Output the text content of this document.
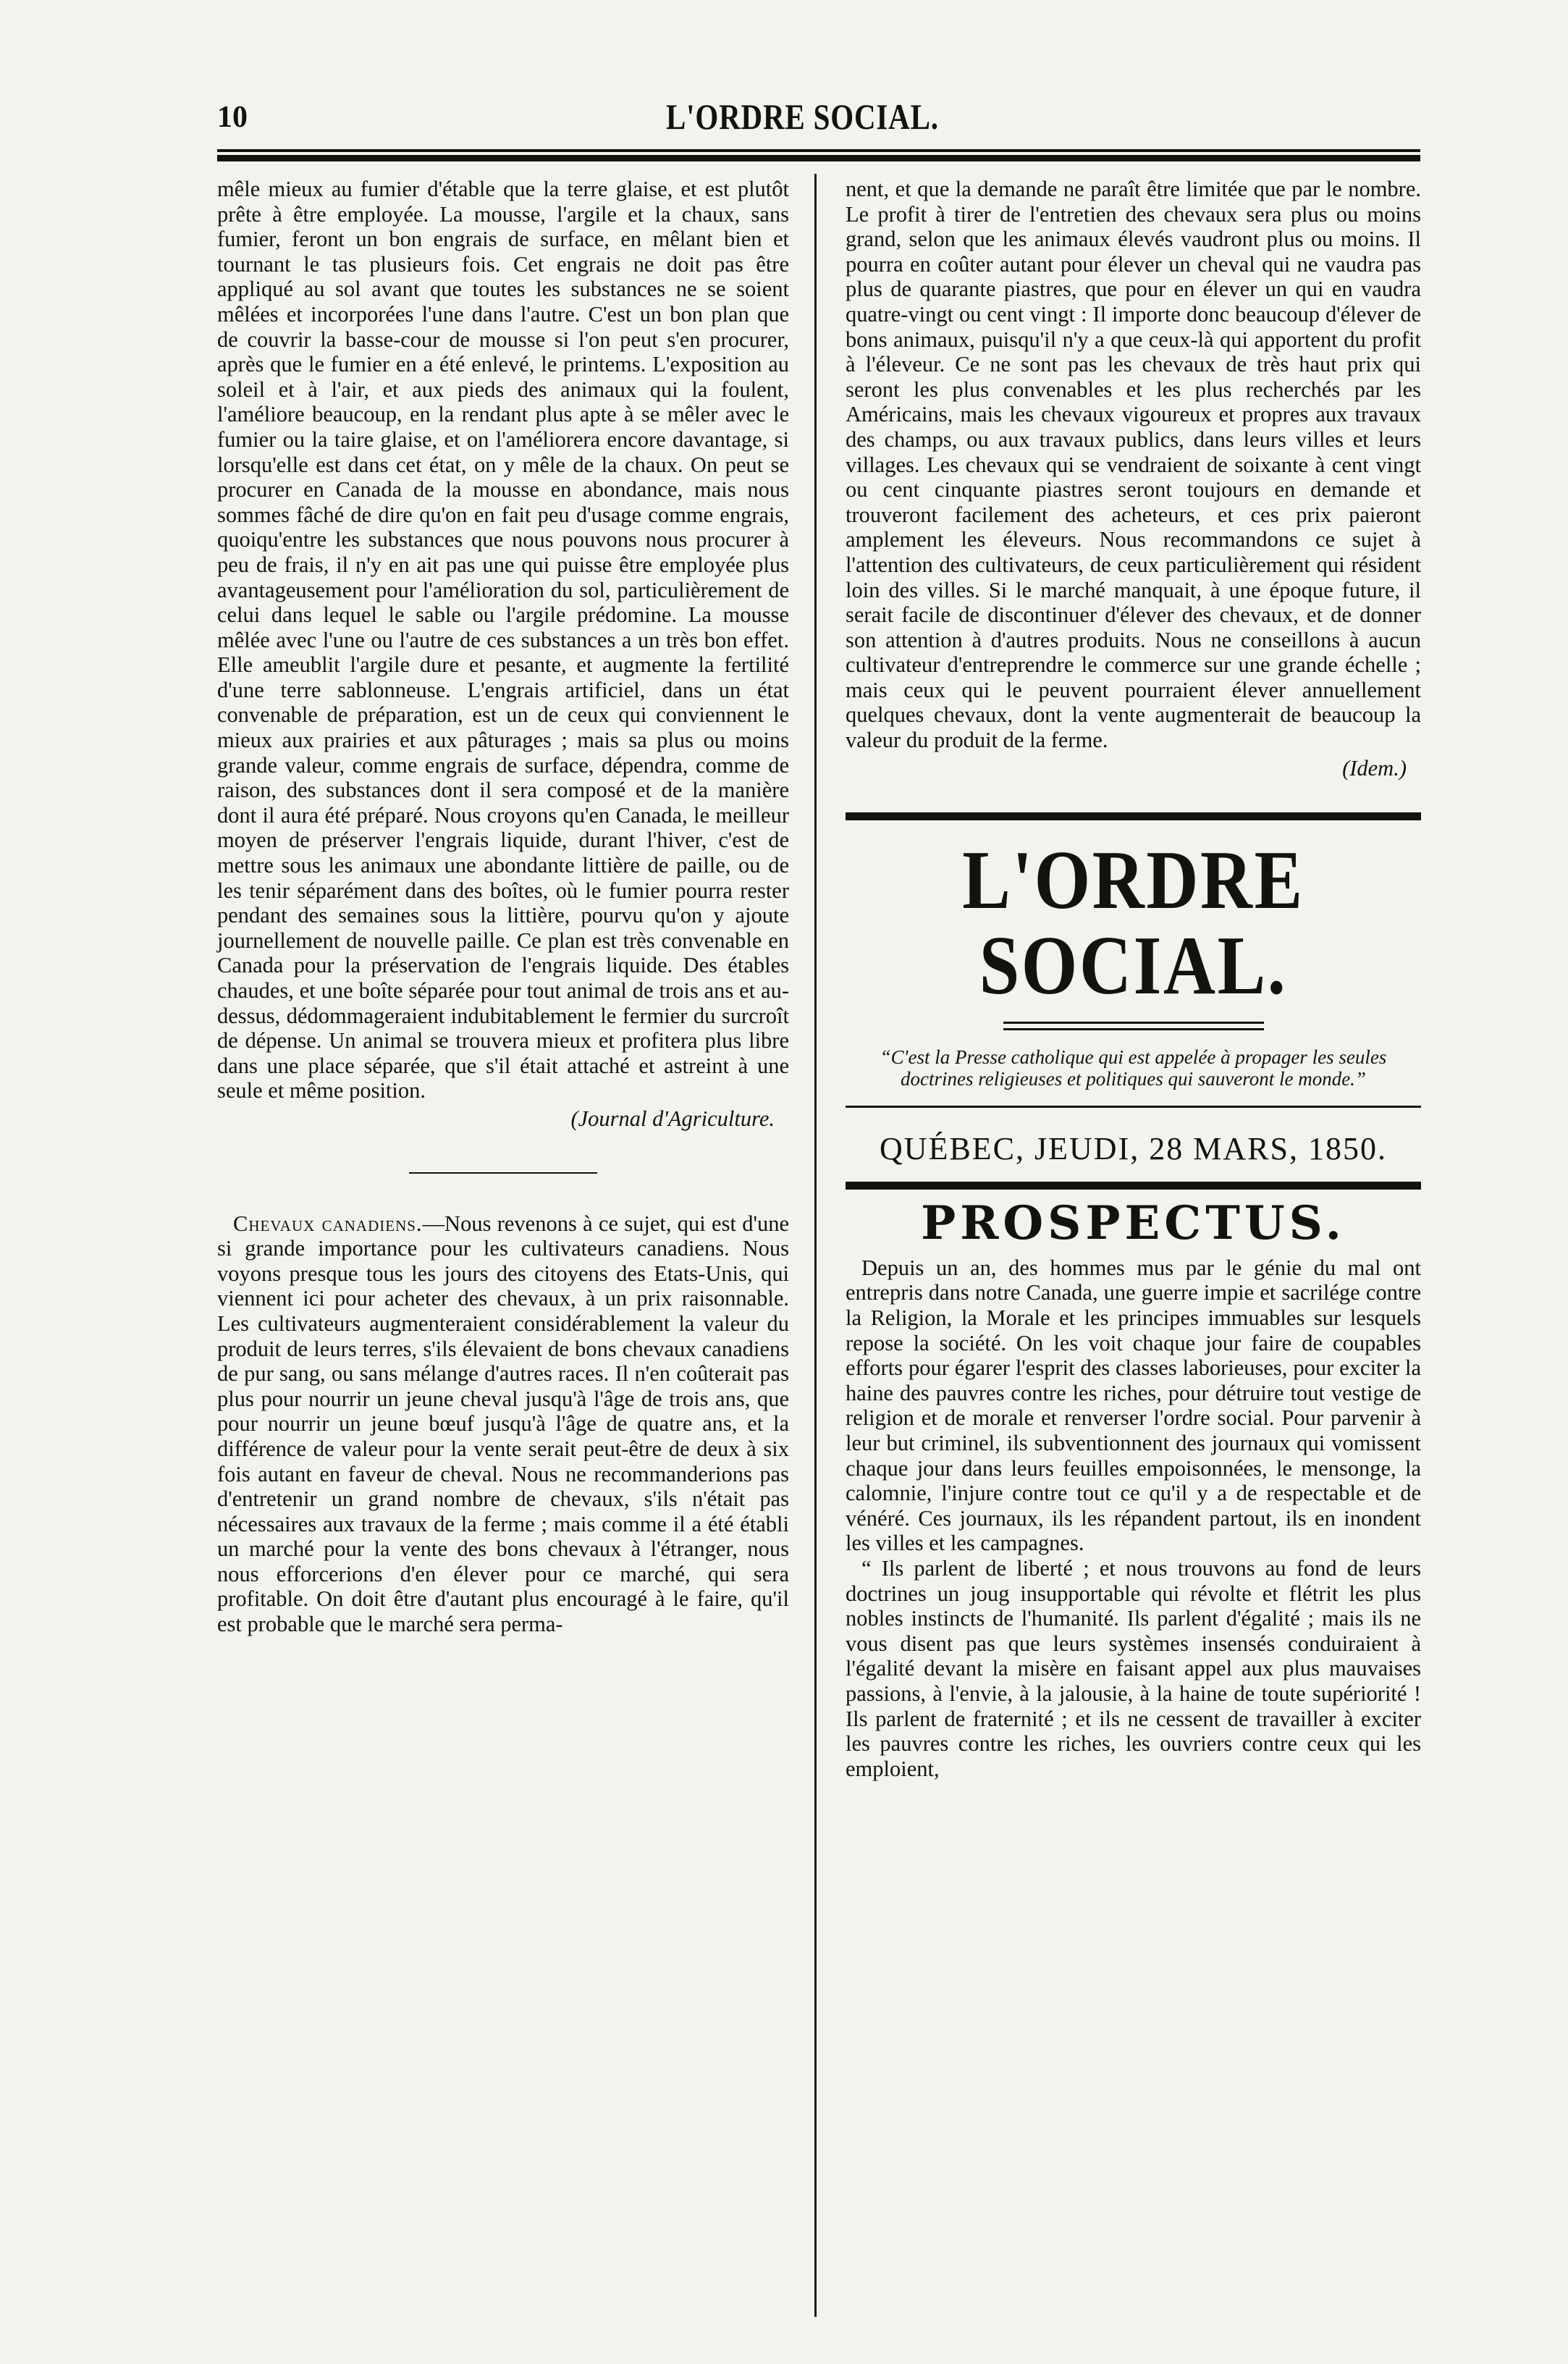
10	L'ORDRE SOCIAL.

mêle mieux au fumier d'étable que la terre glaise, et est plutôt prête à être employée. La mousse, l'argile et la chaux, sans fumier, feront un bon engrais de surface, en mêlant bien et tournant le tas plusieurs fois. Cet engrais ne doit pas être appliqué au sol avant que toutes les substances ne se soient mêlées et incorporées l'une dans l'autre. C'est un bon plan que de couvrir la basse-cour de mousse si l'on peut s'en procurer, après que le fumier en a été enlevé, le printems. L'exposition au soleil et à l'air, et aux pieds des animaux qui la foulent, l'améliore beaucoup, en la rendant plus apte à se mêler avec le fumier ou la taire glaise, et on l'améliorera encore davantage, si lorsqu'elle est dans cet état, on y mêle de la chaux. On peut se procurer en Canada de la mousse en abondance, mais nous sommes fâché de dire qu'on en fait peu d'usage comme engrais, quoiqu'entre les substances que nous pouvons nous procurer à peu de frais, il n'y en ait pas une qui puisse être employée plus avantageusement pour l'amélioration du sol, particulièrement de celui dans lequel le sable ou l'argile prédomine. La mousse mêlée avec l'une ou l'autre de ces substances a un très bon effet. Elle ameublit l'argile dure et pesante, et augmente la fertilité d'une terre sablonneuse. L'engrais artificiel, dans un état convenable de préparation, est un de ceux qui conviennent le mieux aux prairies et aux pâturages ; mais sa plus ou moins grande valeur, comme engrais de surface, dépendra, comme de raison, des substances dont il sera composé et de la manière dont il aura été préparé. Nous croyons qu'en Canada, le meilleur moyen de préserver l'engrais liquide, durant l'hiver, c'est de mettre sous les animaux une abondante littière de paille, ou de les tenir séparément dans des boîtes, où le fumier pourra rester pendant des semaines sous la littière, pourvu qu'on y ajoute journellement de nouvelle paille. Ce plan est très convenable en Canada pour la préservation de l'engrais liquide. Des étables chaudes, et une boîte séparée pour tout animal de trois ans et au-dessus, dédommageraient indubitablement le fermier du surcroît de dépense. Un animal se trouvera mieux et profitera plus libre dans une place séparée, que s'il était attaché et astreint à une seule et même position.

(Journal d'Agriculture.

Chevaux canadiens.—Nous revenons à ce sujet, qui est d'une si grande importance pour les cultivateurs canadiens. Nous voyons presque tous les jours des citoyens des Etats-Unis, qui viennent ici pour acheter des chevaux, à un prix raisonnable. Les cultivateurs augmenteraient considérablement la valeur du produit de leurs terres, s'ils élevaient de bons chevaux canadiens de pur sang, ou sans mélange d'autres races. Il n'en coûterait pas plus pour nourrir un jeune cheval jusqu'à l'âge de trois ans, que pour nourrir un jeune bœuf jusqu'à l'âge de quatre ans, et la différence de valeur pour la vente serait peut-être de deux à six fois autant en faveur de cheval. Nous ne recommanderions pas d'entretenir un grand nombre de chevaux, s'ils n'était pas nécessaires aux travaux de la ferme ; mais comme il a été établi un marché pour la vente des bons chevaux à l'étranger, nous nous efforcerions d'en élever pour ce marché, qui sera profitable. On doit être d'autant plus encouragé à le faire, qu'il est probable que le marché sera perma-

nent, et que la demande ne paraît être limitée que par le nombre. Le profit à tirer de l'entretien des chevaux sera plus ou moins grand, selon que les animaux élevés vaudront plus ou moins. Il pourra en coûter autant pour élever un cheval qui ne vaudra pas plus de quarante piastres, que pour en élever un qui en vaudra quatre-vingt ou cent vingt : Il importe donc beaucoup d'élever de bons animaux, puisqu'il n'y a que ceux-là qui apportent du profit à l'éleveur. Ce ne sont pas les chevaux de très haut prix qui seront les plus convenables et les plus recherchés par les Américains, mais les chevaux vigoureux et propres aux travaux des champs, ou aux travaux publics, dans leurs villes et leurs villages. Les chevaux qui se vendraient de soixante à cent vingt ou cent cinquante piastres seront toujours en demande et trouveront facilement des acheteurs, et ces prix paieront amplement les éleveurs. Nous recommandons ce sujet à l'attention des cultivateurs, de ceux particulièrement qui résident loin des villes. Si le marché manquait, à une époque future, il serait facile de discontinuer d'élever des chevaux, et de donner son attention à d'autres produits. Nous ne conseillons à aucun cultivateur d'entreprendre le commerce sur une grande échelle ; mais ceux qui le peuvent pourraient élever annuellement quelques chevaux, dont la vente augmenterait de beaucoup la valeur du produit de la ferme.

(Idem.)
L'ORDRE SOCIAL.
“C'est la Presse catholique qui est appelée à propager les seules doctrines religieuses et politiques qui sauveront le monde.”
QUÉBEC, JEUDI, 28 MARS, 1850.
PROSPECTUS.

Depuis un an, des hommes mus par le génie du mal ont entrepris dans notre Canada, une guerre impie et sacrilége contre la Religion, la Morale et les principes immuables sur lesquels repose la société. On les voit chaque jour faire de coupables efforts pour égarer l'esprit des classes laborieuses, pour exciter la haine des pauvres contre les riches, pour détruire tout vestige de religion et de morale et renverser l'ordre social. Pour parvenir à leur but criminel, ils subventionnent des journaux qui vomissent chaque jour dans leurs feuilles empoisonnées, le mensonge, la calomnie, l'injure contre tout ce qu'il y a de respectable et de vénéré. Ces journaux, ils les répandent partout, ils en inondent les villes et les campagnes.

“ Ils parlent de liberté ; et nous trouvons au fond de leurs doctrines un joug insupportable qui révolte et flétrit les plus nobles instincts de l'humanité. Ils parlent d'égalité ; mais ils ne vous disent pas que leurs systèmes insensés conduiraient à l'égalité devant la misère en faisant appel aux plus mauvaises passions, à l'envie, à la jalousie, à la haine de toute supériorité ! Ils parlent de fraternité ; et ils ne cessent de travailler à exciter les pauvres contre les riches, les ouvriers contre ceux qui les emploient,
